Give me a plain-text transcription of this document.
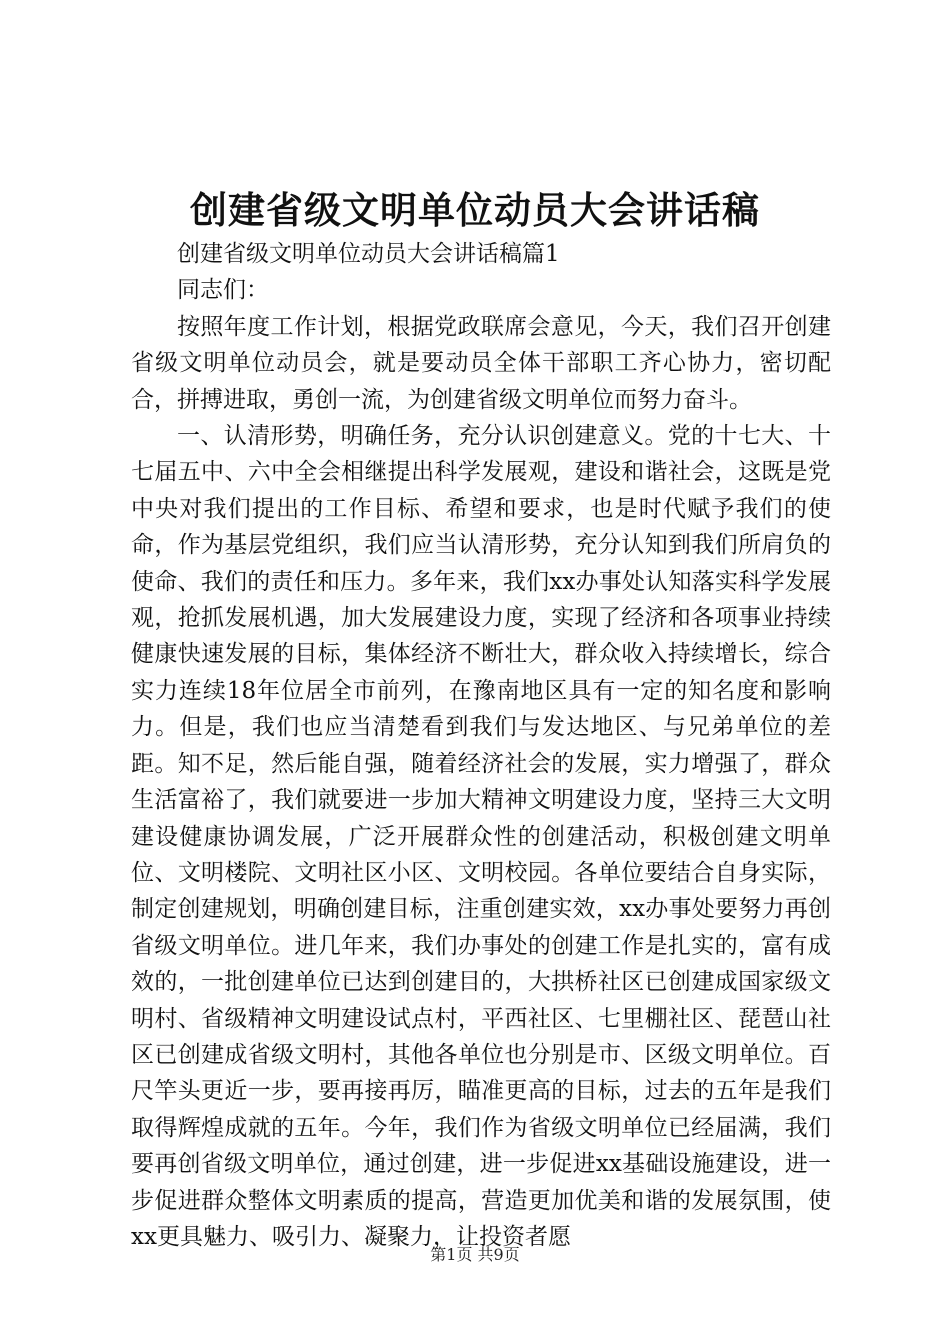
创建省级文明单位动员大会讲话稿

创建省级文明单位动员大会讲话稿篇1

同志们：

按照年度工作计划，根据党政联席会意见，今天，我们召开创建省级文明单位动员会，就是要动员全体干部职工齐心协力，密切配合，拼搏进取，勇创一流，为创建省级文明单位而努力奋斗。

一、认清形势，明确任务，充分认识创建意义。党的十七大、十七届五中、六中全会相继提出科学发展观，建设和谐社会，这既是党中央对我们提出的工作目标、希望和要求，也是时代赋予我们的使命，作为基层党组织，我们应当认清形势，充分认知到我们所肩负的使命、我们的责任和压力。多年来，我们xx办事处认知落实科学发展观，抢抓发展机遇，加大发展建设力度，实现了经济和各项事业持续健康快速发展的目标，集体经济不断壮大，群众收入持续增长，综合实力连续18年位居全市前列，在豫南地区具有一定的知名度和影响力。但是，我们也应当清楚看到我们与发达地区、与兄弟单位的差距。知不足，然后能自强，随着经济社会的发展，实力增强了，群众生活富裕了，我们就要进一步加大精神文明建设力度，坚持三大文明建设健康协调发展，广泛开展群众性的创建活动，积极创建文明单位、文明楼院、文明社区小区、文明校园。各单位要结合自身实际，制定创建规划，明确创建目标，注重创建实效，xx办事处要努力再创省级文明单位。进几年来，我们办事处的创建工作是扎实的，富有成效的，一批创建单位已达到创建目的，大拱桥社区已创建成国家级文明村、省级精神文明建设试点村，平西社区、七里棚社区、琵琶山社区已创建成省级文明村，其他各单位也分别是市、区级文明单位。百尺竿头更近一步，要再接再厉，瞄准更高的目标，过去的五年是我们取得辉煌成就的五年。今年，我们作为省级文明单位已经届满，我们要再创省级文明单位，通过创建，进一步促进xx基础设施建设，进一步促进群众整体文明素质的提高，营造更加优美和谐的发展氛围，使xx更具魅力、吸引力、凝聚力，让投资者愿

第1页 共9页
